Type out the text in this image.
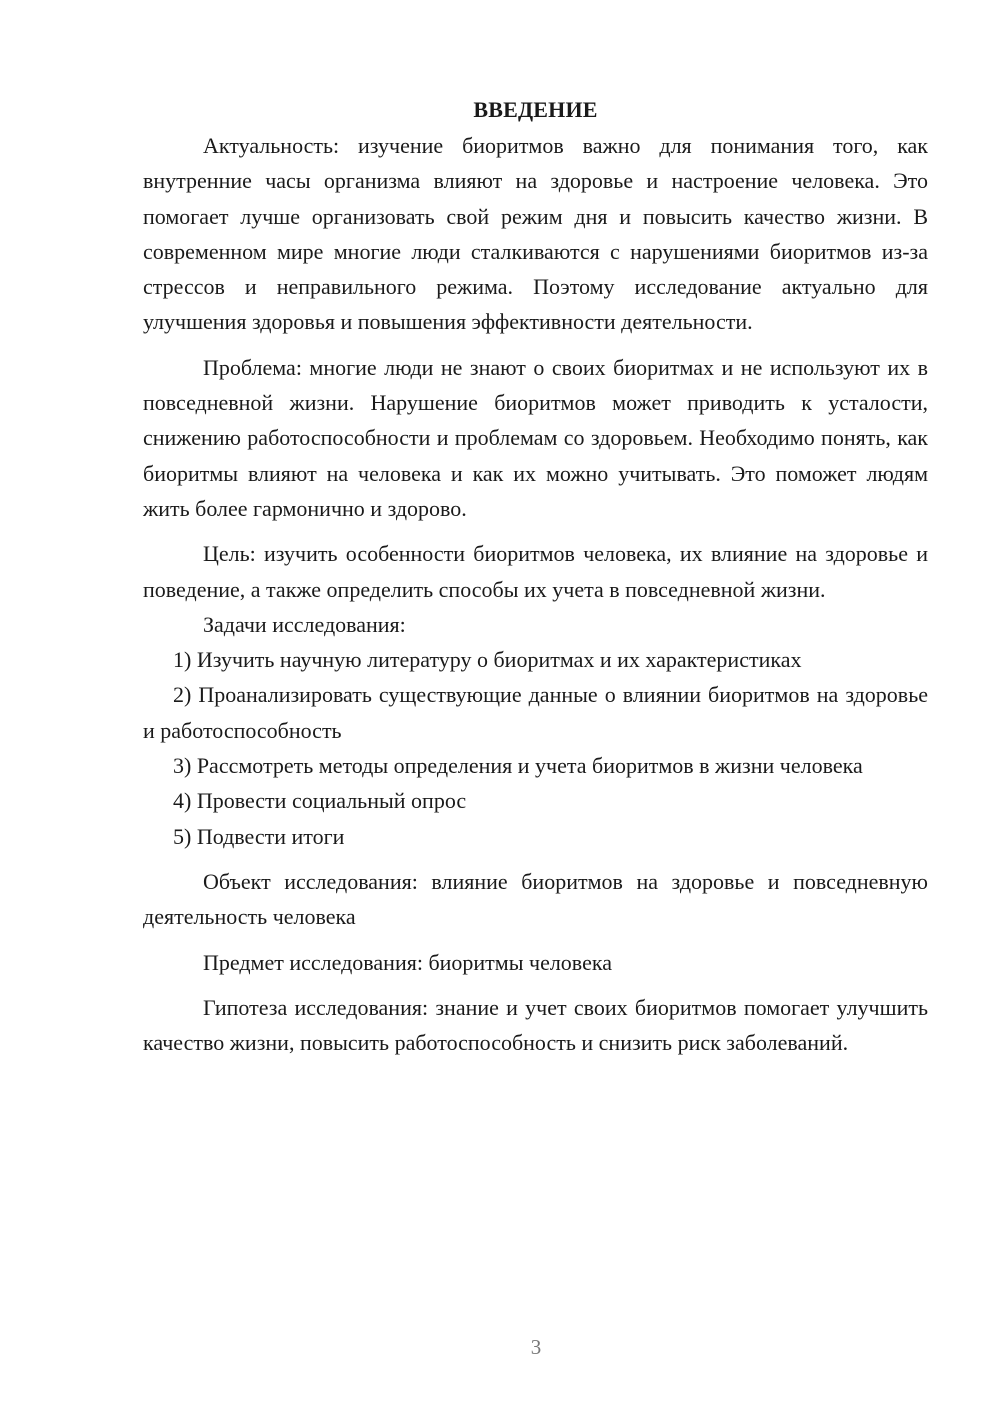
ВВЕДЕНИЕ

Актуальность: изучение биоритмов важно для понимания того, как внутренние часы организма влияют на здоровье и настроение человека. Это помогает лучше организовать свой режим дня и повысить качество жизни. В современном мире многие люди сталкиваются с нарушениями биоритмов из-за стрессов и неправильного режима. Поэтому исследование актуально для улучшения здоровья и повышения эффективности деятельности.

Проблема: многие люди не знают о своих биоритмах и не используют их в повседневной жизни. Нарушение биоритмов может приводить к усталости, снижению работоспособности и проблемам со здоровьем. Необходимо понять, как биоритмы влияют на человека и как их можно учитывать. Это поможет людям жить более гармонично и здорово.

Цель: изучить особенности биоритмов человека, их влияние на здоровье и поведение, а также определить способы их учета в повседневной жизни.

Задачи исследования:

1) Изучить научную литературу о биоритмах и их характеристиках

2) Проанализировать существующие данные о влиянии биоритмов на здоровье и работоспособность

3) Рассмотреть методы определения и учета биоритмов в жизни человека

4) Провести социальный опрос

5) Подвести итоги

Объект исследования: влияние биоритмов на здоровье и повседневную деятельность человека

Предмет исследования: биоритмы человека

Гипотеза исследования: знание и учет своих биоритмов помогает улучшить качество жизни, повысить работоспособность и снизить риск заболеваний.

3
